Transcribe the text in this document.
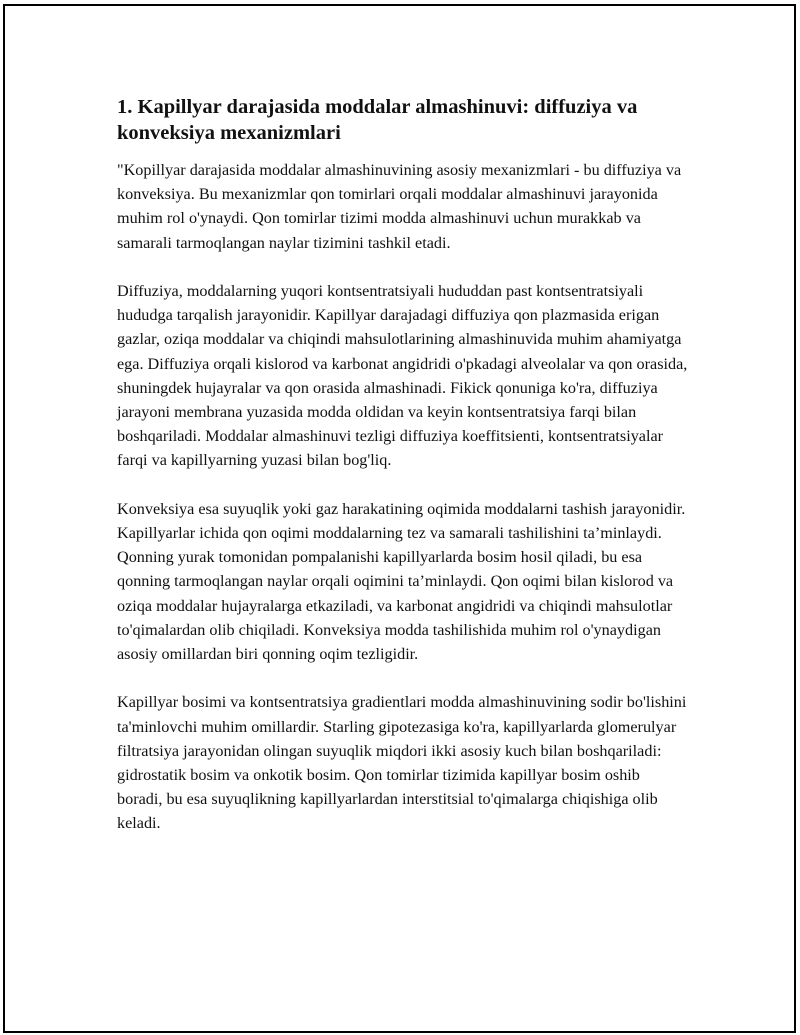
1. Kapillyar darajasida moddalar almashinuvi: diffuziya va konveksiya mexanizmlari

"Kopillyar darajasida moddalar almashinuvining asosiy mexanizmlari - bu diffuziya va konveksiya. Bu mexanizmlar qon tomirlari orqali moddalar almashinuvi jarayonida muhim rol o'ynaydi. Qon tomirlar tizimi modda almashinuvi uchun murakkab va samarali tarmoqlangan naylar tizimini tashkil etadi.

Diffuziya, moddalarning yuqori kontsentratsiyali hududdan past kontsentratsiyali hududga tarqalish jarayonidir. Kapillyar darajadagi diffuziya qon plazmasida erigan gazlar, oziqa moddalar va chiqindi mahsulotlarining almashinuvida muhim ahamiyatga ega. Diffuziya orqali kislorod va karbonat angidridi o'pkadagi alveolalar va qon orasida, shuningdek hujayralar va qon orasida almashinadi. Fikick qonuniga ko'ra, diffuziya jarayoni membrana yuzasida modda oldidan va keyin kontsentratsiya farqi bilan boshqariladi. Moddalar almashinuvi tezligi diffuziya koeffitsienti, kontsentratsiyalar farqi va kapillyarning yuzasi bilan bog'liq.

Konveksiya esa suyuqlik yoki gaz harakatining oqimida moddalarni tashish jarayonidir. Kapillyarlar ichida qon oqimi moddalarning tez va samarali tashilishini ta’minlaydi. Qonning yurak tomonidan pompalanishi kapillyarlarda bosim hosil qiladi, bu esa qonning tarmoqlangan naylar orqali oqimini ta’minlaydi. Qon oqimi bilan kislorod va oziqa moddalar hujayralarga etkaziladi, va karbonat angidridi va chiqindi mahsulotlar to'qimalardan olib chiqiladi. Konveksiya modda tashilishida muhim rol o'ynaydigan asosiy omillardan biri qonning oqim tezligidir.

Kapillyar bosimi va kontsentratsiya gradientlari modda almashinuvining sodir bo'lishini ta'minlovchi muhim omillardir. Starling gipotezasiga ko'ra, kapillyarlarda glomerulyar filtratsiya jarayonidan olingan suyuqlik miqdori ikki asosiy kuch bilan boshqariladi: gidrostatik bosim va onkotik bosim. Qon tomirlar tizimida kapillyar bosim oshib boradi, bu esa suyuqlikning kapillyarlardan interstitsial to'qimalarga chiqishiga olib keladi.
